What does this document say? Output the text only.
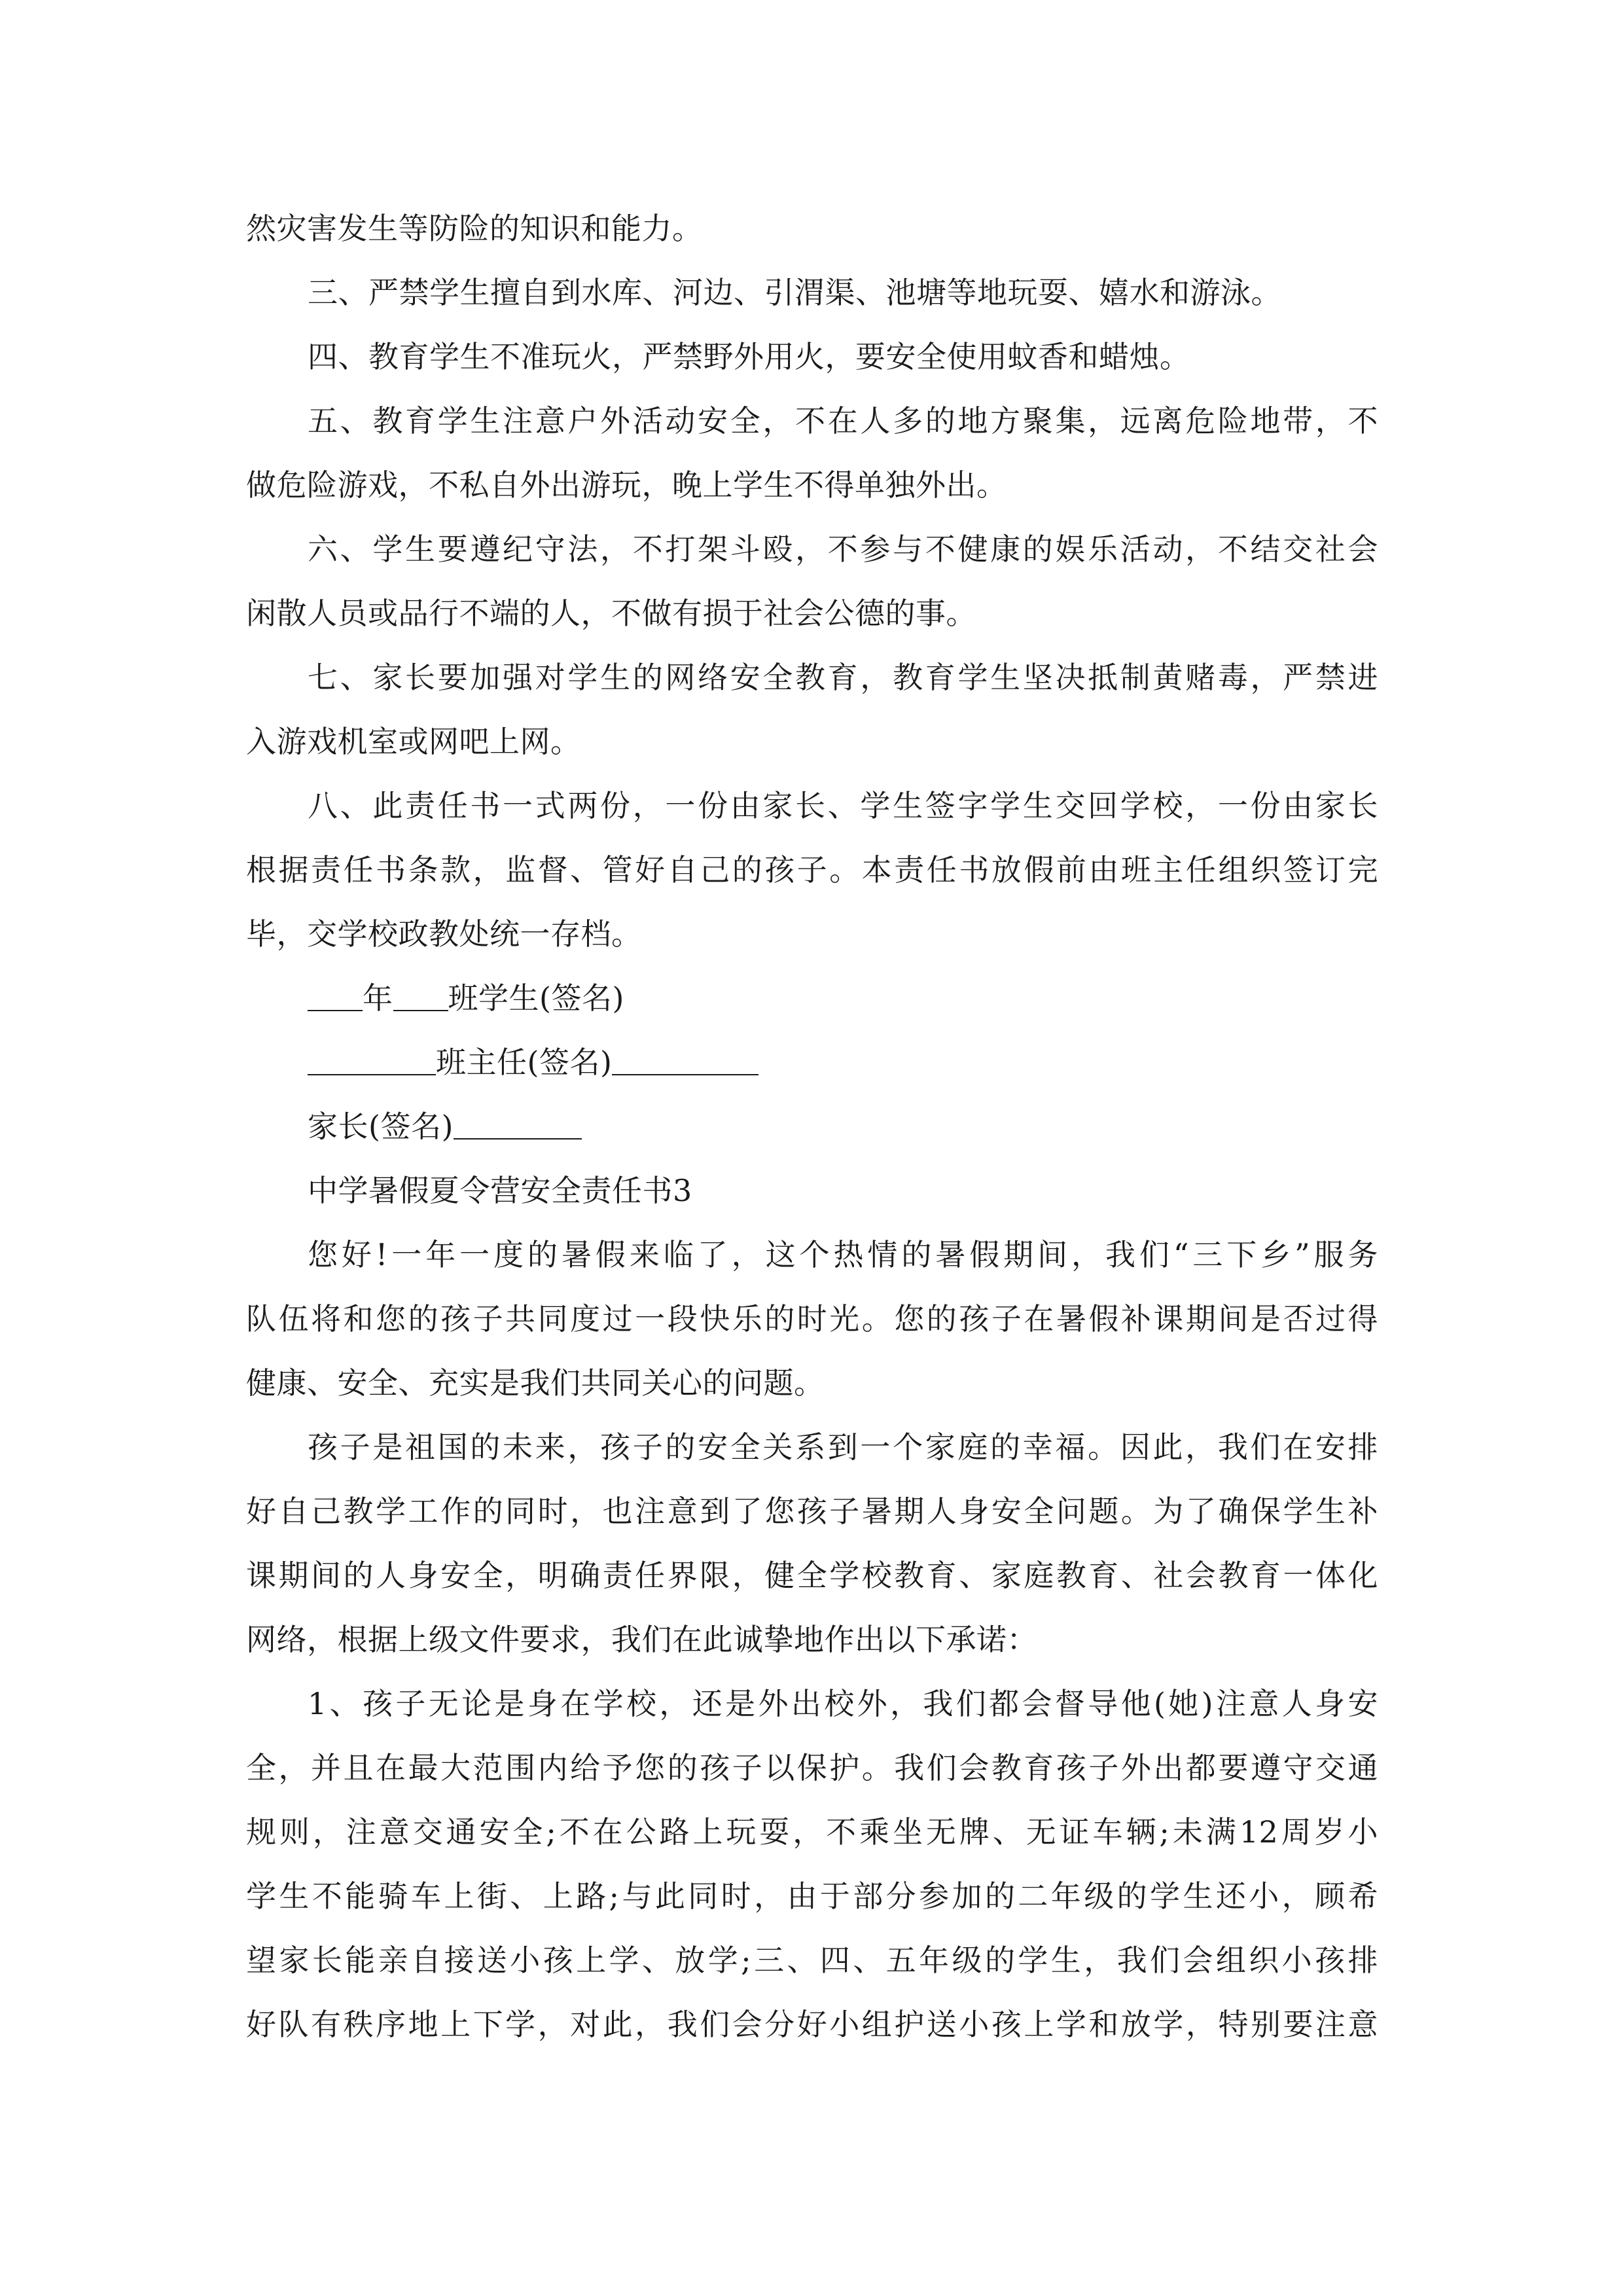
然灾害发生等防险的知识和能力。
三、严禁学生擅自到水库、河边、引渭渠、池塘等地玩耍、嬉水和游泳。
四、教育学生不准玩火，严禁野外用火，要安全使用蚊香和蜡烛。
五、教育学生注意户外活动安全，不在人多的地方聚集，远离危险地带，不
做危险游戏，不私自外出游玩，晚上学生不得单独外出。
六、学生要遵纪守法，不打架斗殴，不参与不健康的娱乐活动，不结交社会
闲散人员或品行不端的人，不做有损于社会公德的事。
七、家长要加强对学生的网络安全教育，教育学生坚决抵制黄赌毒，严禁进
入游戏机室或网吧上网。
八、此责任书一式两份，一份由家长、学生签字学生交回学校，一份由家长
根据责任书条款，监督、管好自己的孩子。本责任书放假前由班主任组织签订完
毕，交学校政教处统一存档。
年 班学生(签名)
班主任(签名)
家长(签名)
中学暑假夏令营安全责任书3
您好!一年一度的暑假来临了，这个热情的暑假期间，我们“三下乡”服务
队伍将和您的孩子共同度过一段快乐的时光。您的孩子在暑假补课期间是否过得
健康、安全、充实是我们共同关心的问题。
孩子是祖国的未来，孩子的安全关系到一个家庭的幸福。因此，我们在安排
好自己教学工作的同时，也注意到了您孩子暑期人身安全问题。为了确保学生补
课期间的人身安全，明确责任界限，健全学校教育、家庭教育、社会教育一体化
网络，根据上级文件要求，我们在此诚挚地作出以下承诺：
1、孩子无论是身在学校，还是外出校外，我们都会督导他(她)注意人身安
全，并且在最大范围内给予您的孩子以保护。我们会教育孩子外出都要遵守交通
规则，注意交通安全;不在公路上玩耍，不乘坐无牌、无证车辆;未满12周岁小
学生不能骑车上街、上路;与此同时，由于部分参加的二年级的学生还小，顾希
望家长能亲自接送小孩上学、放学;三、四、五年级的学生，我们会组织小孩排
好队有秩序地上下学，对此，我们会分好小组护送小孩上学和放学，特别要注意
